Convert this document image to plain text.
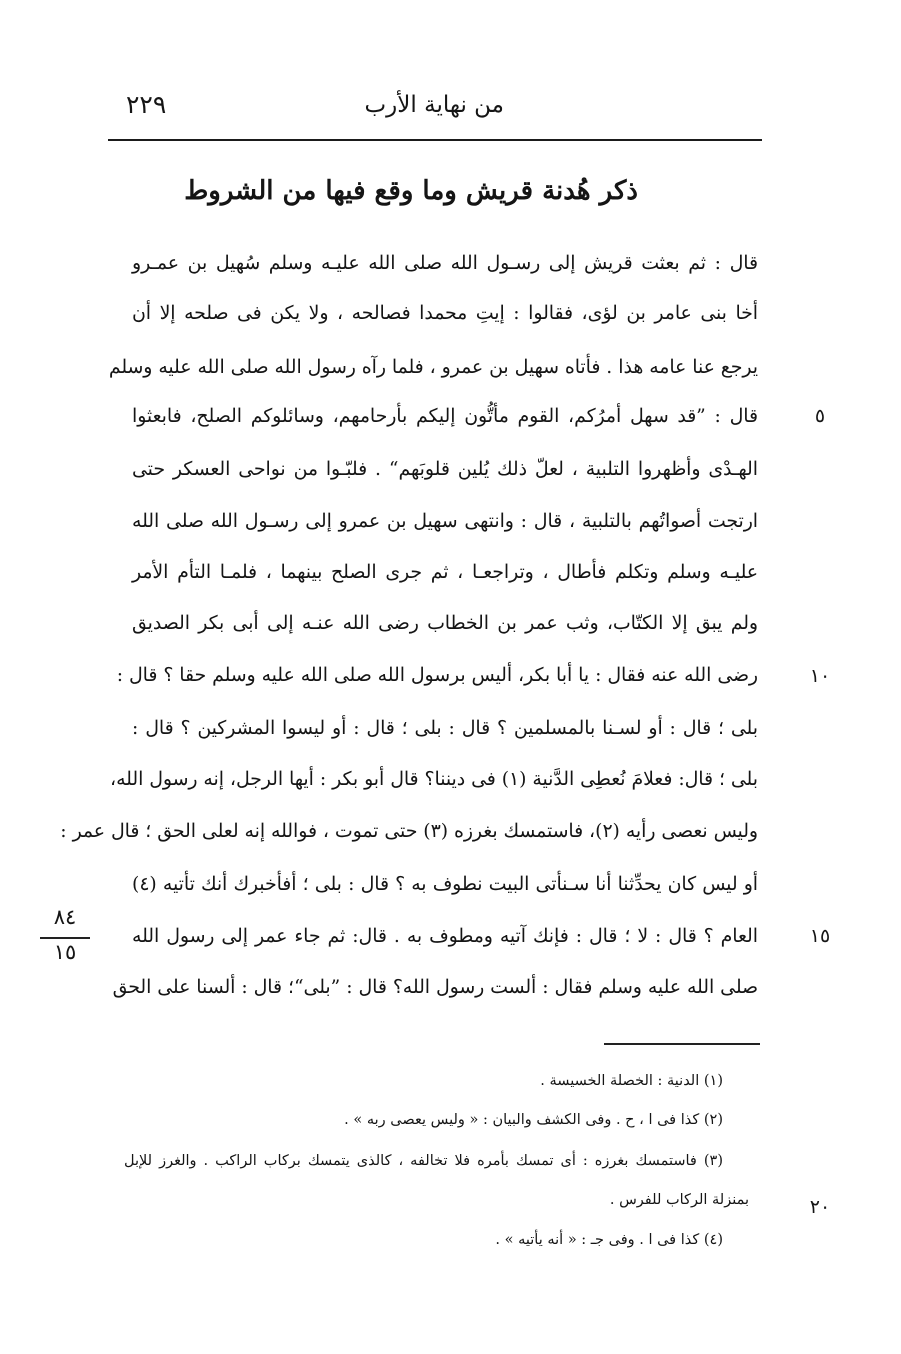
من نهاية الأرب
٢٢٩
ذكر هُدنة قريش وما وقع فيها من الشروط
قال : ثم بعثت قريش إلى رسـول الله صلى الله عليـه وسلم سُهيل بن عمـرو
أخا بنى عامر بن لؤى، فقالوا : إيتِ محمدا فصالحه ، ولا يكن فى صلحه إلا أن
يرجع عنا عامه هذا . فأتاه سهيل بن عمرو ، فلما رآه رسول الله صلى الله عليه وسلم
قال : ”قد سهل أمرُكم، القوم مأتُّون إليكم بأرحامهم، وسائلوكم الصلح، فابعثوا
الهـدْى وأظهروا التلبية ، لعلّ ذلك يُلين قلوبَهم“ . فلبّـوا من نواحى العسكر حتى
ارتجت أصواتُهم بالتلبية ، قال : وانتهى سهيل بن عمرو إلى رسـول الله صلى الله
عليـه وسلم وتكلم فأطال ، وتراجعـا ، ثم جرى الصلح بينهما ، فلمـا التأم الأمر
ولم يبق إلا الكتّاب، وثب عمر بن الخطاب رضى الله عنـه إلى أبى بكر الصديق
رضى الله عنه فقال : يا أبا بكر، أليس برسول الله صلى الله عليه وسلم حقا ؟ قال :
بلى ؛ قال : أو لسـنا بالمسلمين ؟ قال : بلى ؛ قال : أو ليسوا المشركين ؟ قال :
بلى ؛ قال: فعلامَ نُعطِى الدَّنية (١) فى ديننا؟ قال أبو بكر : أيها الرجل، إنه رسول الله،
وليس نعصى رأيه (٢)، فاستمسك بغرزه (٣) حتى تموت ، فوالله إنه لعلى الحق ؛ قال عمر :
أو ليس كان يحدِّثنا أنا سـنأتى البيت نطوف به ؟ قال : بلى ؛ أفأخبرك أنك تأتيه (٤)
العام ؟ قال : لا ؛ قال : فإنك آتيه ومطوف به . قال: ثم جاء عمر إلى رسول الله
صلى الله عليه وسلم فقال : ألست رسول الله؟ قال : ”بلى“؛ قال : ألسنا على الحق
٥
١٠
١٥
٢٠
٨٤
١٥
(١) الدنية : الخصلة الخسيسة .
(٢) كذا فى ا ، ح . وفى الكشف والبيان : « وليس يعصى ربه » .
(٣) فاستمسك بغرزه : أى تمسك بأمره فلا تخالفه ، كالذى يتمسك بركاب الراكب . والغرز للإبل
بمنزلة الركاب للفرس .
(٤) كذا فى ا . وفى جـ : « أنه يأتيه » .
